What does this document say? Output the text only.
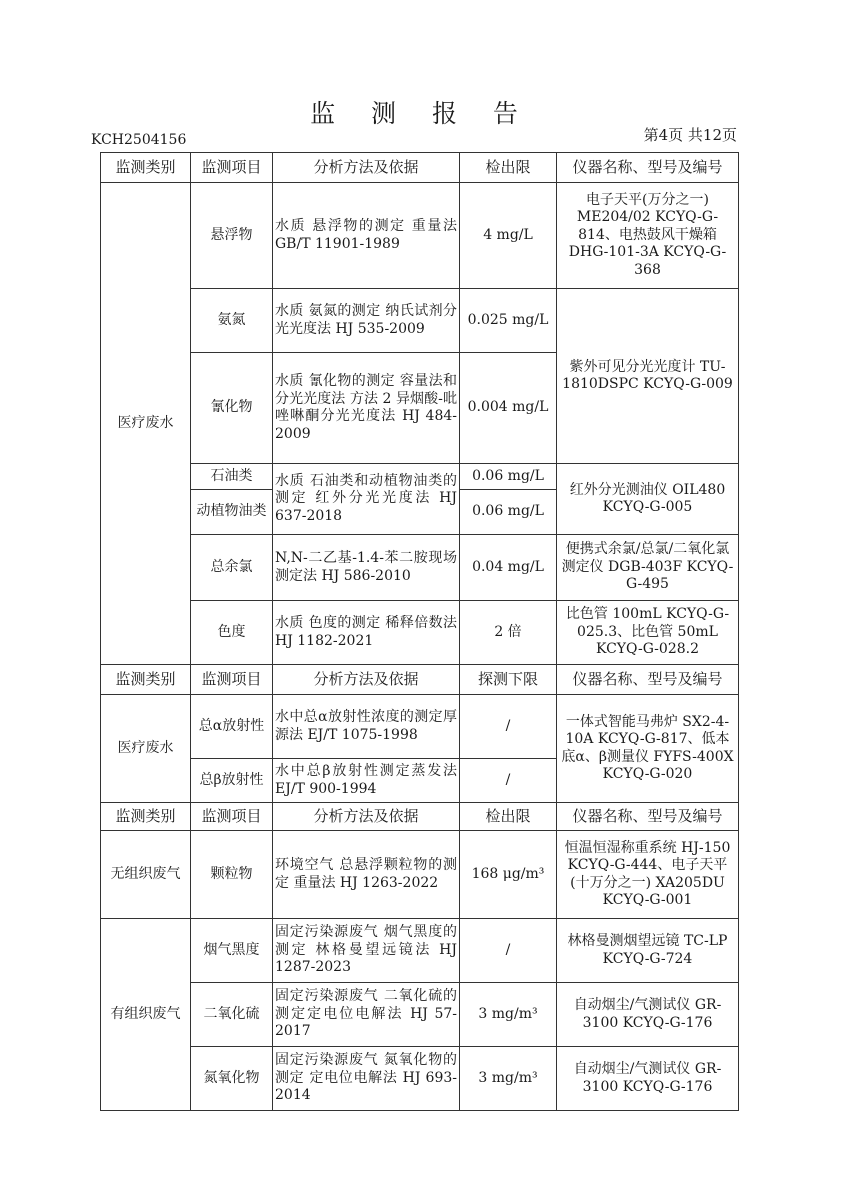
监 测 报 告
KCH2504156	第4页 共12页
监测类别	监测项目	分析方法及依据	检出限	仪器名称、型号及编号
医疗废水	悬浮物	水质 悬浮物的测定 重量法 GB/T 11901-1989	4 mg/L	电子天平(万分之一) ME204/02 KCYQ-G-814、电热鼓风干燥箱 DHG-101-3A KCYQ-G-368
	氨氮	水质 氨氮的测定 纳氏试剂分光光度法 HJ 535-2009	0.025 mg/L	紫外可见分光光度计 TU-1810DSPC KCYQ-G-009
	氰化物	水质 氰化物的测定 容量法和分光光度法 方法 2 异烟酸-吡唑啉酮分光光度法 HJ 484-2009	0.004 mg/L	
	石油类	水质 石油类和动植物油类的测定 红外分光光度法 HJ 637-2018	0.06 mg/L	红外分光测油仪 OIL480 KCYQ-G-005
	动植物油类		0.06 mg/L	
	总余氯	N,N-二乙基-1.4-苯二胺现场测定法 HJ 586-2010	0.04 mg/L	便携式余氯/总氯/二氧化氯测定仪 DGB-403F KCYQ-G-495
	色度	水质 色度的测定 稀释倍数法 HJ 1182-2021	2 倍	比色管 100mL KCYQ-G-025.3、比色管 50mL KCYQ-G-028.2
监测类别	监测项目	分析方法及依据	探测下限	仪器名称、型号及编号
医疗废水	总α放射性	水中总α放射性浓度的测定厚源法 EJ/T 1075-1998	/	一体式智能马弗炉 SX2-4-10A KCYQ-G-817、低本底α、β测量仪 FYFS-400X KCYQ-G-020
	总β放射性	水中总β放射性测定蒸发法 EJ/T 900-1994	/	
监测类别	监测项目	分析方法及依据	检出限	仪器名称、型号及编号
无组织废气	颗粒物	环境空气 总悬浮颗粒物的测定 重量法 HJ 1263-2022	168 μg/m³	恒温恒湿称重系统 HJ-150 KCYQ-G-444、电子天平(十万分之一) XA205DU KCYQ-G-001
有组织废气	烟气黑度	固定污染源废气 烟气黑度的测定 林格曼望远镜法 HJ 1287-2023	/	林格曼测烟望远镜 TC-LP KCYQ-G-724
	二氧化硫	固定污染源废气 二氧化硫的测定定电位电解法 HJ 57-2017	3 mg/m³	自动烟尘/气测试仪 GR-3100 KCYQ-G-176
	氮氧化物	固定污染源废气 氮氧化物的测定 定电位电解法 HJ 693-2014	3 mg/m³	自动烟尘/气测试仪 GR-3100 KCYQ-G-176
